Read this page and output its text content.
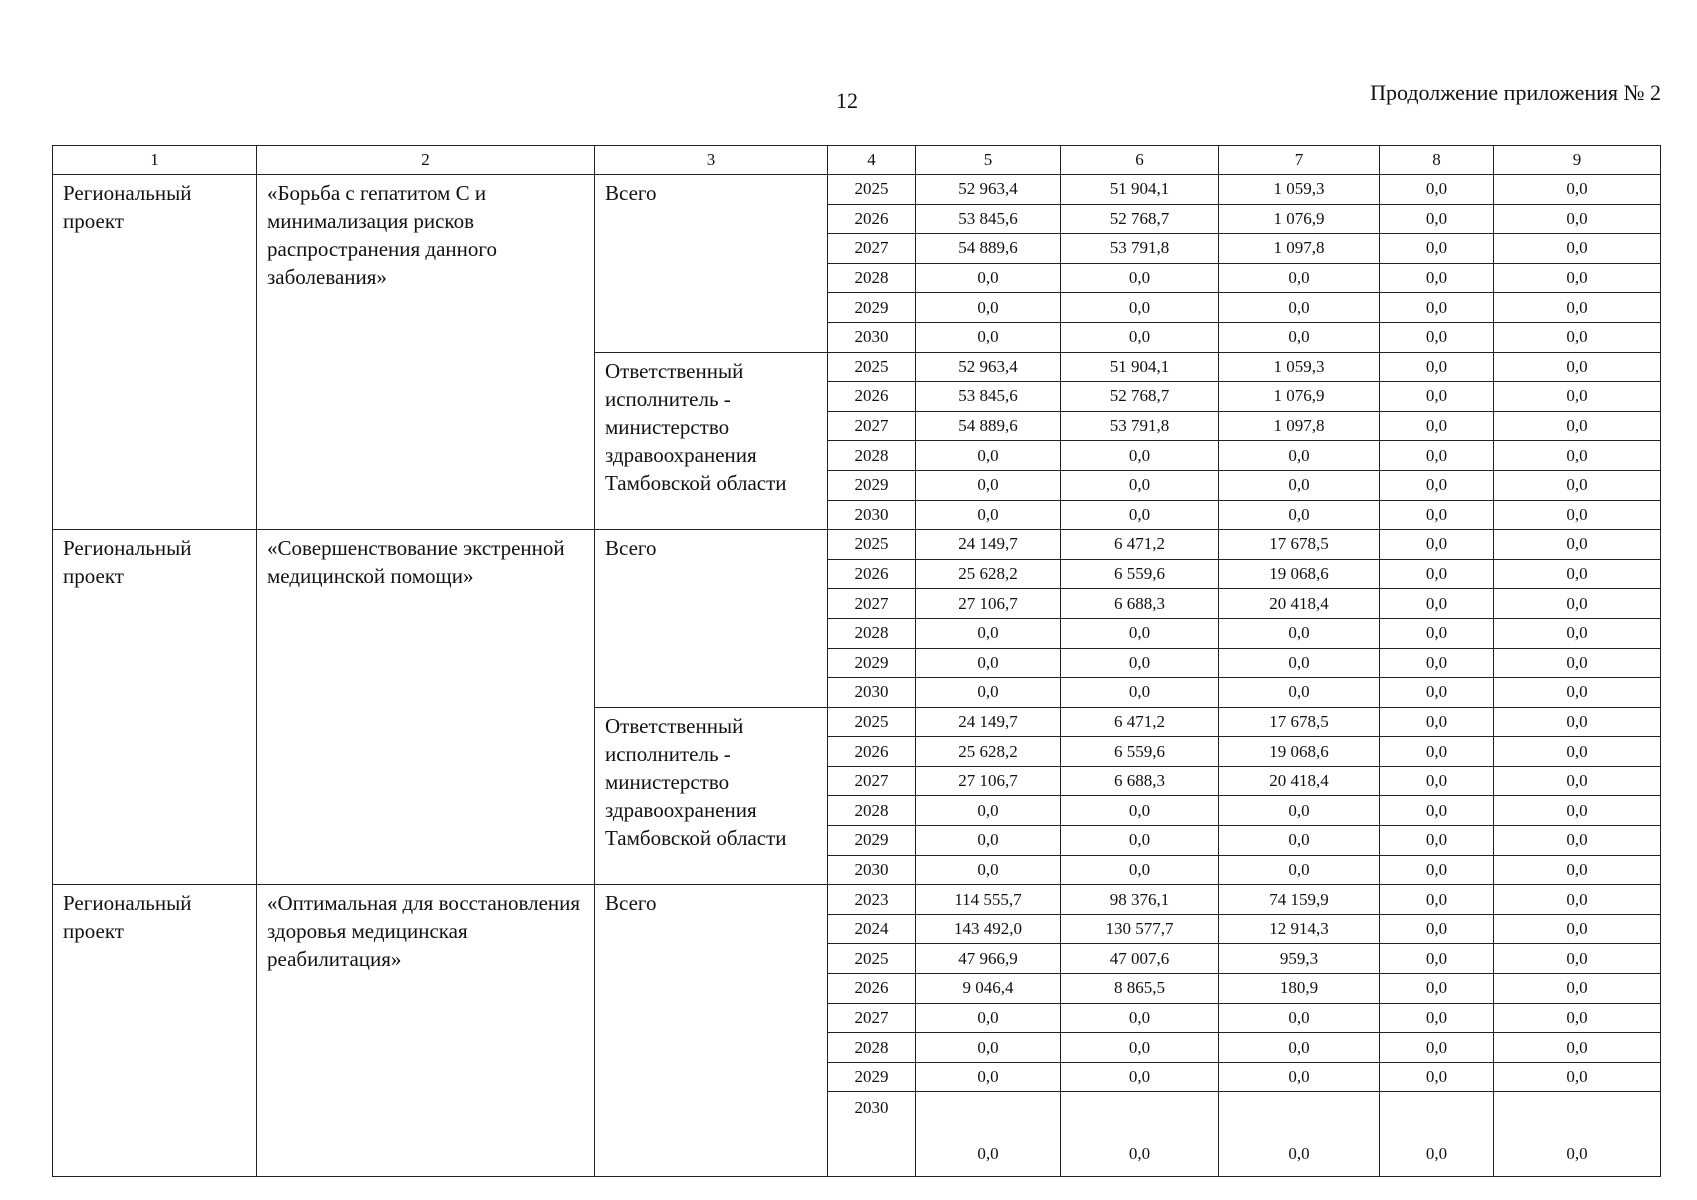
12	Продолжение приложения № 2
1	2	3	4	5	6	7	8	9
Региональный проект	«Борьба с гепатитом С и минимализация рисков распространения данного заболевания»	Всего	2025	52 963,4	51 904,1	1 059,3	0,0	0,0
			2026	53 845,6	52 768,7	1 076,9	0,0	0,0
			2027	54 889,6	53 791,8	1 097,8	0,0	0,0
			2028	0,0	0,0	0,0	0,0	0,0
			2029	0,0	0,0	0,0	0,0	0,0
			2030	0,0	0,0	0,0	0,0	0,0
		Ответственный исполнитель - министерство здравоохранения Тамбовской области	2025	52 963,4	51 904,1	1 059,3	0,0	0,0
			2026	53 845,6	52 768,7	1 076,9	0,0	0,0
			2027	54 889,6	53 791,8	1 097,8	0,0	0,0
			2028	0,0	0,0	0,0	0,0	0,0
			2029	0,0	0,0	0,0	0,0	0,0
			2030	0,0	0,0	0,0	0,0	0,0
Региональный проект	«Совершенствование экстренной медицинской помощи»	Всего	2025	24 149,7	6 471,2	17 678,5	0,0	0,0
			2026	25 628,2	6 559,6	19 068,6	0,0	0,0
			2027	27 106,7	6 688,3	20 418,4	0,0	0,0
			2028	0,0	0,0	0,0	0,0	0,0
			2029	0,0	0,0	0,0	0,0	0,0
			2030	0,0	0,0	0,0	0,0	0,0
		Ответственный исполнитель - министерство здравоохранения Тамбовской области	2025	24 149,7	6 471,2	17 678,5	0,0	0,0
			2026	25 628,2	6 559,6	19 068,6	0,0	0,0
			2027	27 106,7	6 688,3	20 418,4	0,0	0,0
			2028	0,0	0,0	0,0	0,0	0,0
			2029	0,0	0,0	0,0	0,0	0,0
			2030	0,0	0,0	0,0	0,0	0,0
Региональный проект	«Оптимальная для восстановления здоровья медицинская реабилитация»	Всего	2023	114 555,7	98 376,1	74 159,9	0,0	0,0
			2024	143 492,0	130 577,7	12 914,3	0,0	0,0
			2025	47 966,9	47 007,6	959,3	0,0	0,0
			2026	9 046,4	8 865,5	180,9	0,0	0,0
			2027	0,0	0,0	0,0	0,0	0,0
			2028	0,0	0,0	0,0	0,0	0,0
			2029	0,0	0,0	0,0	0,0	0,0
			2030	0,0	0,0	0,0	0,0	0,0
